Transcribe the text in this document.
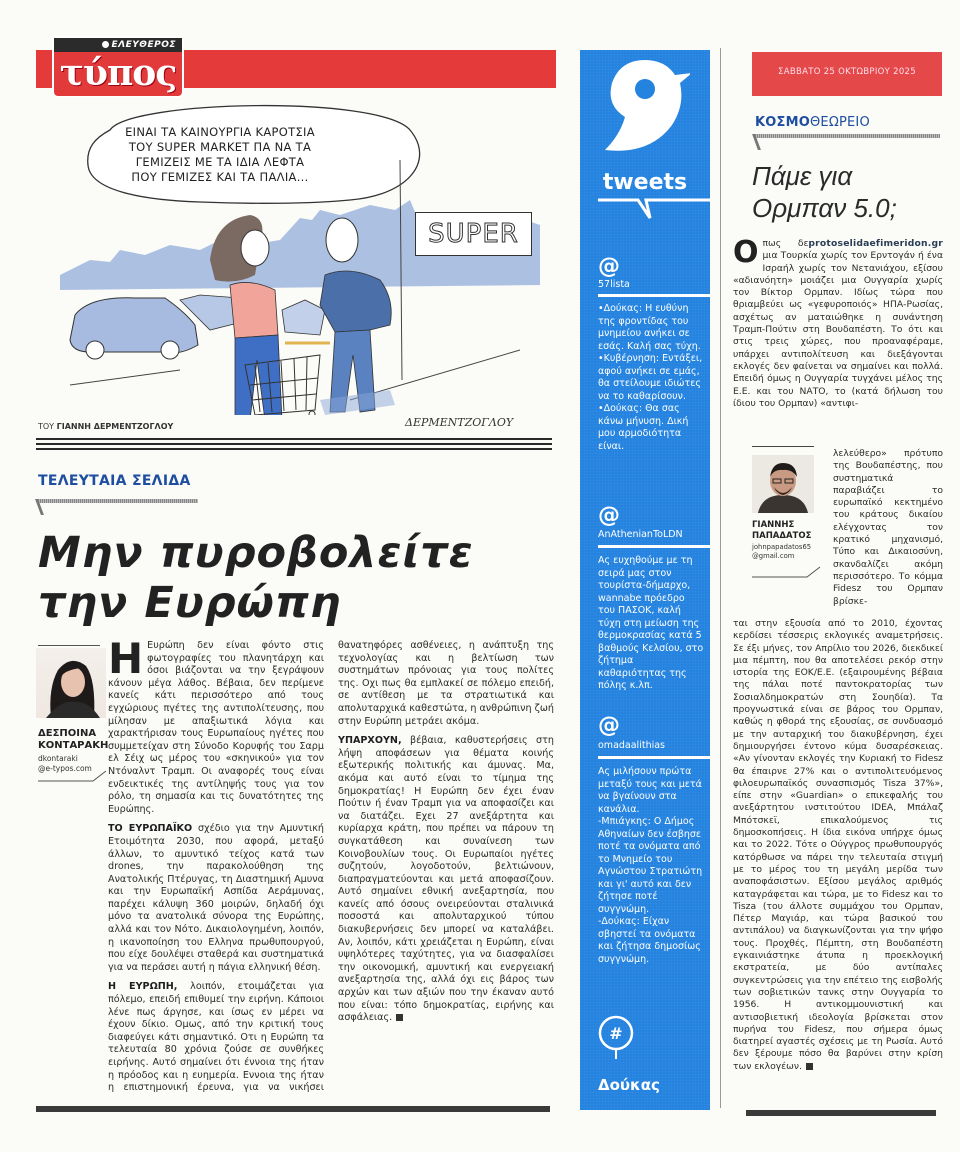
ΕΛΕΥΘΕΡΟΣ
τύπος
SUPER
ΕΙΝΑΙ ΤΑ ΚΑΙΝΟΥΡΓΙΑ ΚΑΡΟΤΣΙΑ
ΤΟΥ SUPER MARKET ΠΑ ΝΑ ΤΑ
ΓΕΜΙΖΕΙΣ ΜΕ ΤΑ ΙΔΙΑ ΛΕΦΤΑ
ΠΟΥ ΓΕΜΙΖΕΣ ΚΑΙ ΤΑ ΠΑΛΙΑ...
ΤΟΥ ΓΙΑΝΝΗ ΔΕΡΜΕΝΤΖΟΓΛΟΥ	ΔΕΡΜΕΝΤΖΟΓΛΟΥ
ΤΕΛΕΥΤΑΙΑ ΣΕΛΙΔΑ
Μην πυροβολείτε
την Ευρώπη
ΔΕΣΠΟΙΝΑ
ΚΟΝΤΑΡΑΚΗ
dkontaraki
@e-typos.com

Η Ευρώπη δεν είναι φόντο στις φωτογραφίες του πλανητάρχη και όσοι βιάζονται να την ξεγράψουν κάνουν μέγα λάθος. Βέβαια, δεν περίμενε κανείς κάτι περισσότερο από τους εγχώριους πγέτες της αντιπολίτευσης, που μίλησαν με απαξιωτικά λόγια και χαρακτήρισαν τους Ευρωπαίους ηγέτες που συμμετείχαν στη Σύνοδο Κορυφής του Σαρμ ελ Σέιχ ως μέρος του «σκηνικού» για τον Ντόναλντ Τραμπ. Οι αναφορές τους είναι ενδεικτικές της αντίληψής τους για τον ρόλο, τη σημασία και τις δυνατότητες της Ευρώπης.

ΤΟ ΕΥΡΩΠΑΪΚΟ σχέδιο για την Αμυντική Ετοιμότητα 2030, που αφορά, μεταξύ άλλων, το αμυντικό τείχος κατά των drones, την παρακολούθηση της Ανατολικής Πτέρυγας, τη Διαστημική Αμυνα και την Ευρωπαϊκή Ασπίδα Αεράμυνας, παρέχει κάλυψη 360 μοιρών, δηλαδή όχι μόνο τα ανατολικά σύνορα της Ευρώπης, αλλά και τον Νότο. Δικαιολογημένη, λοιπόν, η ικανοποίηση του Ελληνα πρωθυπουργού, που είχε δουλέψει σταθερά και συστηματικά για να περάσει αυτή η πάγια ελληνική θέση.

Η ΕΥΡΩΠΗ, λοιπόν, ετοιμάζεται για πόλεμο, επειδή επιθυμεί την ειρήνη. Κάποιοι λένε πως άργησε, και ίσως εν μέρει να έχουν δίκιο. Ομως, από την κριτική τους διαφεύγει κάτι σημαντικό. Οτι η Ευρώπη τα τελευταία 80 χρόνια ζούσε σε συνθήκες ειρήνης. Αυτό σημαίνει ότι έννοια της ήταν η πρόοδος και η ευημερία. Εννοια της ήταν η επιστημονική έρευνα, για να νικήσει θανατηφόρες ασθένειες, η ανάπτυξη της τεχνολογίας και η βελτίωση των συστημάτων πρόνοιας για τους πολίτες της. Οχι πως θα εμπλακεί σε πόλεμο επειδή, σε αντίθεση με τα στρατιωτικά και απολυταρχικά καθεστώτα, η ανθρώπινη ζωή στην Ευρώπη μετράει ακόμα.

ΥΠΑΡΧΟΥΝ, βέβαια, καθυστερήσεις στη λήψη αποφάσεων για θέματα κοινής εξωτερικής πολιτικής και άμυνας. Μα, ακόμα και αυτό είναι το τίμημα της δημοκρατίας! Η Ευρώπη δεν έχει έναν Πούτιν ή έναν Τραμπ για να αποφασίζει και να διατάζει. Εχει 27 ανεξάρτητα και κυρίαρχα κράτη, που πρέπει να πάρουν τη συγκατάθεση και συναίνεση των Κοινοβουλίων τους. Οι Ευρωπαίοι ηγέτες συζητούν, λογοδοτούν, βελτιώνουν, διαπραγματεύονται και μετά αποφασίζουν. Αυτό σημαίνει εθνική ανεξαρτησία, που κανείς από όσους ονειρεύονται σταλινικά ποσοστά και απολυταρχικού τύπου διακυβερνήσεις δεν μπορεί να καταλάβει. Αν, λοιπόν, κάτι χρειάζεται η Ευρώπη, είναι υψηλότερες ταχύτητες, για να διασφαλίσει την οικονομική, αμυντική και ενεργειακή ανεξαρτησία της, αλλά όχι εις βάρος των αρχών και των αξιών που την έκαναν αυτό που είναι: τόπο δημοκρατίας, ειρήνης και ασφάλειας.

tweets
@
57lista

•Δούκας: Η ευθύνη της φροντίδας του μνημείου ανήκει σε εσάς. Καλή σας τύχη.

•Κυβέρνηση: Εντάξει, αφού ανήκει σε εμάς, θα στείλουμε ιδιώτες να το καθαρίσουν.

•Δούκας: Θα σας κάνω μήνυση. Δική μου αρμοδιότητα είναι.

@
AnAthenianToLDN

Ας ευχηθούμε με τη σειρά μας στον τουρίστα-δήμαρχο, wannabe πρόεδρο του ΠΑΣΟΚ, καλή τύχη στη μείωση της θερμοκρασίας κατά 5 βαθμούς Κελσίου, στο ζήτημα καθαριότητας της πόλης κ.λπ.

@
omadaalithias

Ας μιλήσουν πρώτα μεταξύ τους και μετά να βγαίνουν στα κανάλια.

-Μπιάγκης: Ο Δήμος Αθηναίων δεν έσβησε ποτέ τα ονόματα από το Μνημείο του Αγνώστου Στρατιώτη και γι' αυτό και δεν ζήτησε ποτέ συγγνώμη.

-Δούκας: Είχαν σβηστεί τα ονόματα και ζήτησα δημοσίως συγγνώμη.

#
Δούκας
ΣΑΒΒΑΤΟ 25 ΟΚΤΩΒΡΙΟΥ 2025
ΚΟΣΜΟΘΕΩΡΕΙΟ
Πάμε για
Ορμπαν 5.0;
Οπως δεprotoselidaefimeridon.gr μια Τουρκία χωρίς τον Ερντογάν ή ένα Ισραήλ χωρίς τον Νετανιάχου, εξίσου «αδιανόητη» μοιάζει μια Ουγγαρία χωρίς τον Βίκτορ Ορμπαν. Ιδίως τώρα που θριαμβεύει ως «γεφυροποιός» ΗΠΑ-Ρωσίας, ασχέτως αν ματαιώθηκε η συνάντηση Τραμπ-Πούτιν στη Βουδαπέστη. Το ότι και στις τρεις χώρες, που προαναφέραμε, υπάρχει αντιπολίτευση και διεξάγονται εκλογές δεν φαίνεται να σημαίνει και πολλά. Επειδή όμως η Ουγγαρία τυγχάνει μέλος της Ε.Ε. και του ΝΑΤΟ, το (κατά δήλωση του ίδιου του Ορμπαν) «αντιφι-
ΓΙΑΝΝΗΣ
ΠΑΠΑΔΑΤΟΣ
johnpapadatos65
@gmail.com
λελεύθερο» πρότυπο της Βουδαπέστης, που συστηματικά παραβιάζει το ευρωπαϊκό κεκτημένο του κράτους δικαίου ελέγχοντας τον κρατικό μηχανισμό, Τύπο και Δικαιοσύνη, σκανδαλίζει ακόμη περισσότερο. Το κόμμα Fidesz του Ορμπαν βρίσκε-
ται στην εξουσία από το 2010, έχοντας κερδίσει τέσσερις εκλογικές αναμετρήσεις. Σε έξι μήνες, τον Απρίλιο του 2026, διεκδικεί μια πέμπτη, που θα αποτελέσει ρεκόρ στην ιστορία της ΕΟΚ/Ε.Ε. (εξαιρουμένης βέβαια της πάλαι ποτέ παντοκρατορίας των Σοσιαλδημοκρατών στη Σουηδία). Τα προγνωστικά είναι σε βάρος του Ορμπαν, καθώς η φθορά της εξουσίας, σε συνδυασμό με την αυταρχική του διακυβέρνηση, έχει δημιουργήσει έντονο κύμα δυσαρέσκειας. «Αν γίνονταν εκλογές την Κυριακή το Fidesz θα έπαιρνε 27% και ο αντιπολιτευόμενος φιλοευρωπαϊκός συνασπισμός Tisza 37%», είπε στην «Guardian» ο επικεφαλής του ανεξάρτητου ινστιτούτου IDEA, Μπάλαζ Μπότσκεϊ, επικαλούμενος τις δημοσκοπήσεις. Η ίδια εικόνα υπήρχε όμως και το 2022. Τότε ο Ούγγρος πρωθυπουργός κατόρθωσε να πάρει την τελευταία στιγμή με το μέρος του τη μεγάλη μερίδα των αναποφάσιστων. Εξίσου μεγάλος αριθμός καταγράφεται και τώρα, με το Fidesz και το Tisza (του άλλοτε συμμάχου του Ορμπαν, Πέτερ Μαγιάρ, και τώρα βασικού του αντιπάλου) να διαγκωνίζονται για την ψήφο τους. Προχθές, Πέμπτη, στη Βουδαπέστη εγκαινιάστηκε άτυπα η προεκλογική εκστρατεία, με δύο αντίπαλες συγκεντρώσεις για την επέτειο της εισβολής των σοβιετικών τανκς στην Ουγγαρία το 1956. Η αντικομμουνιστική και αντισοβιετική ιδεολογία βρίσκεται στον πυρήνα του Fidesz, που σήμερα όμως διατηρεί αγαστές σχέσεις με τη Ρωσία. Αυτό δεν ξέρουμε πόσο θα βαρύνει στην κρίση των εκλογέων.
